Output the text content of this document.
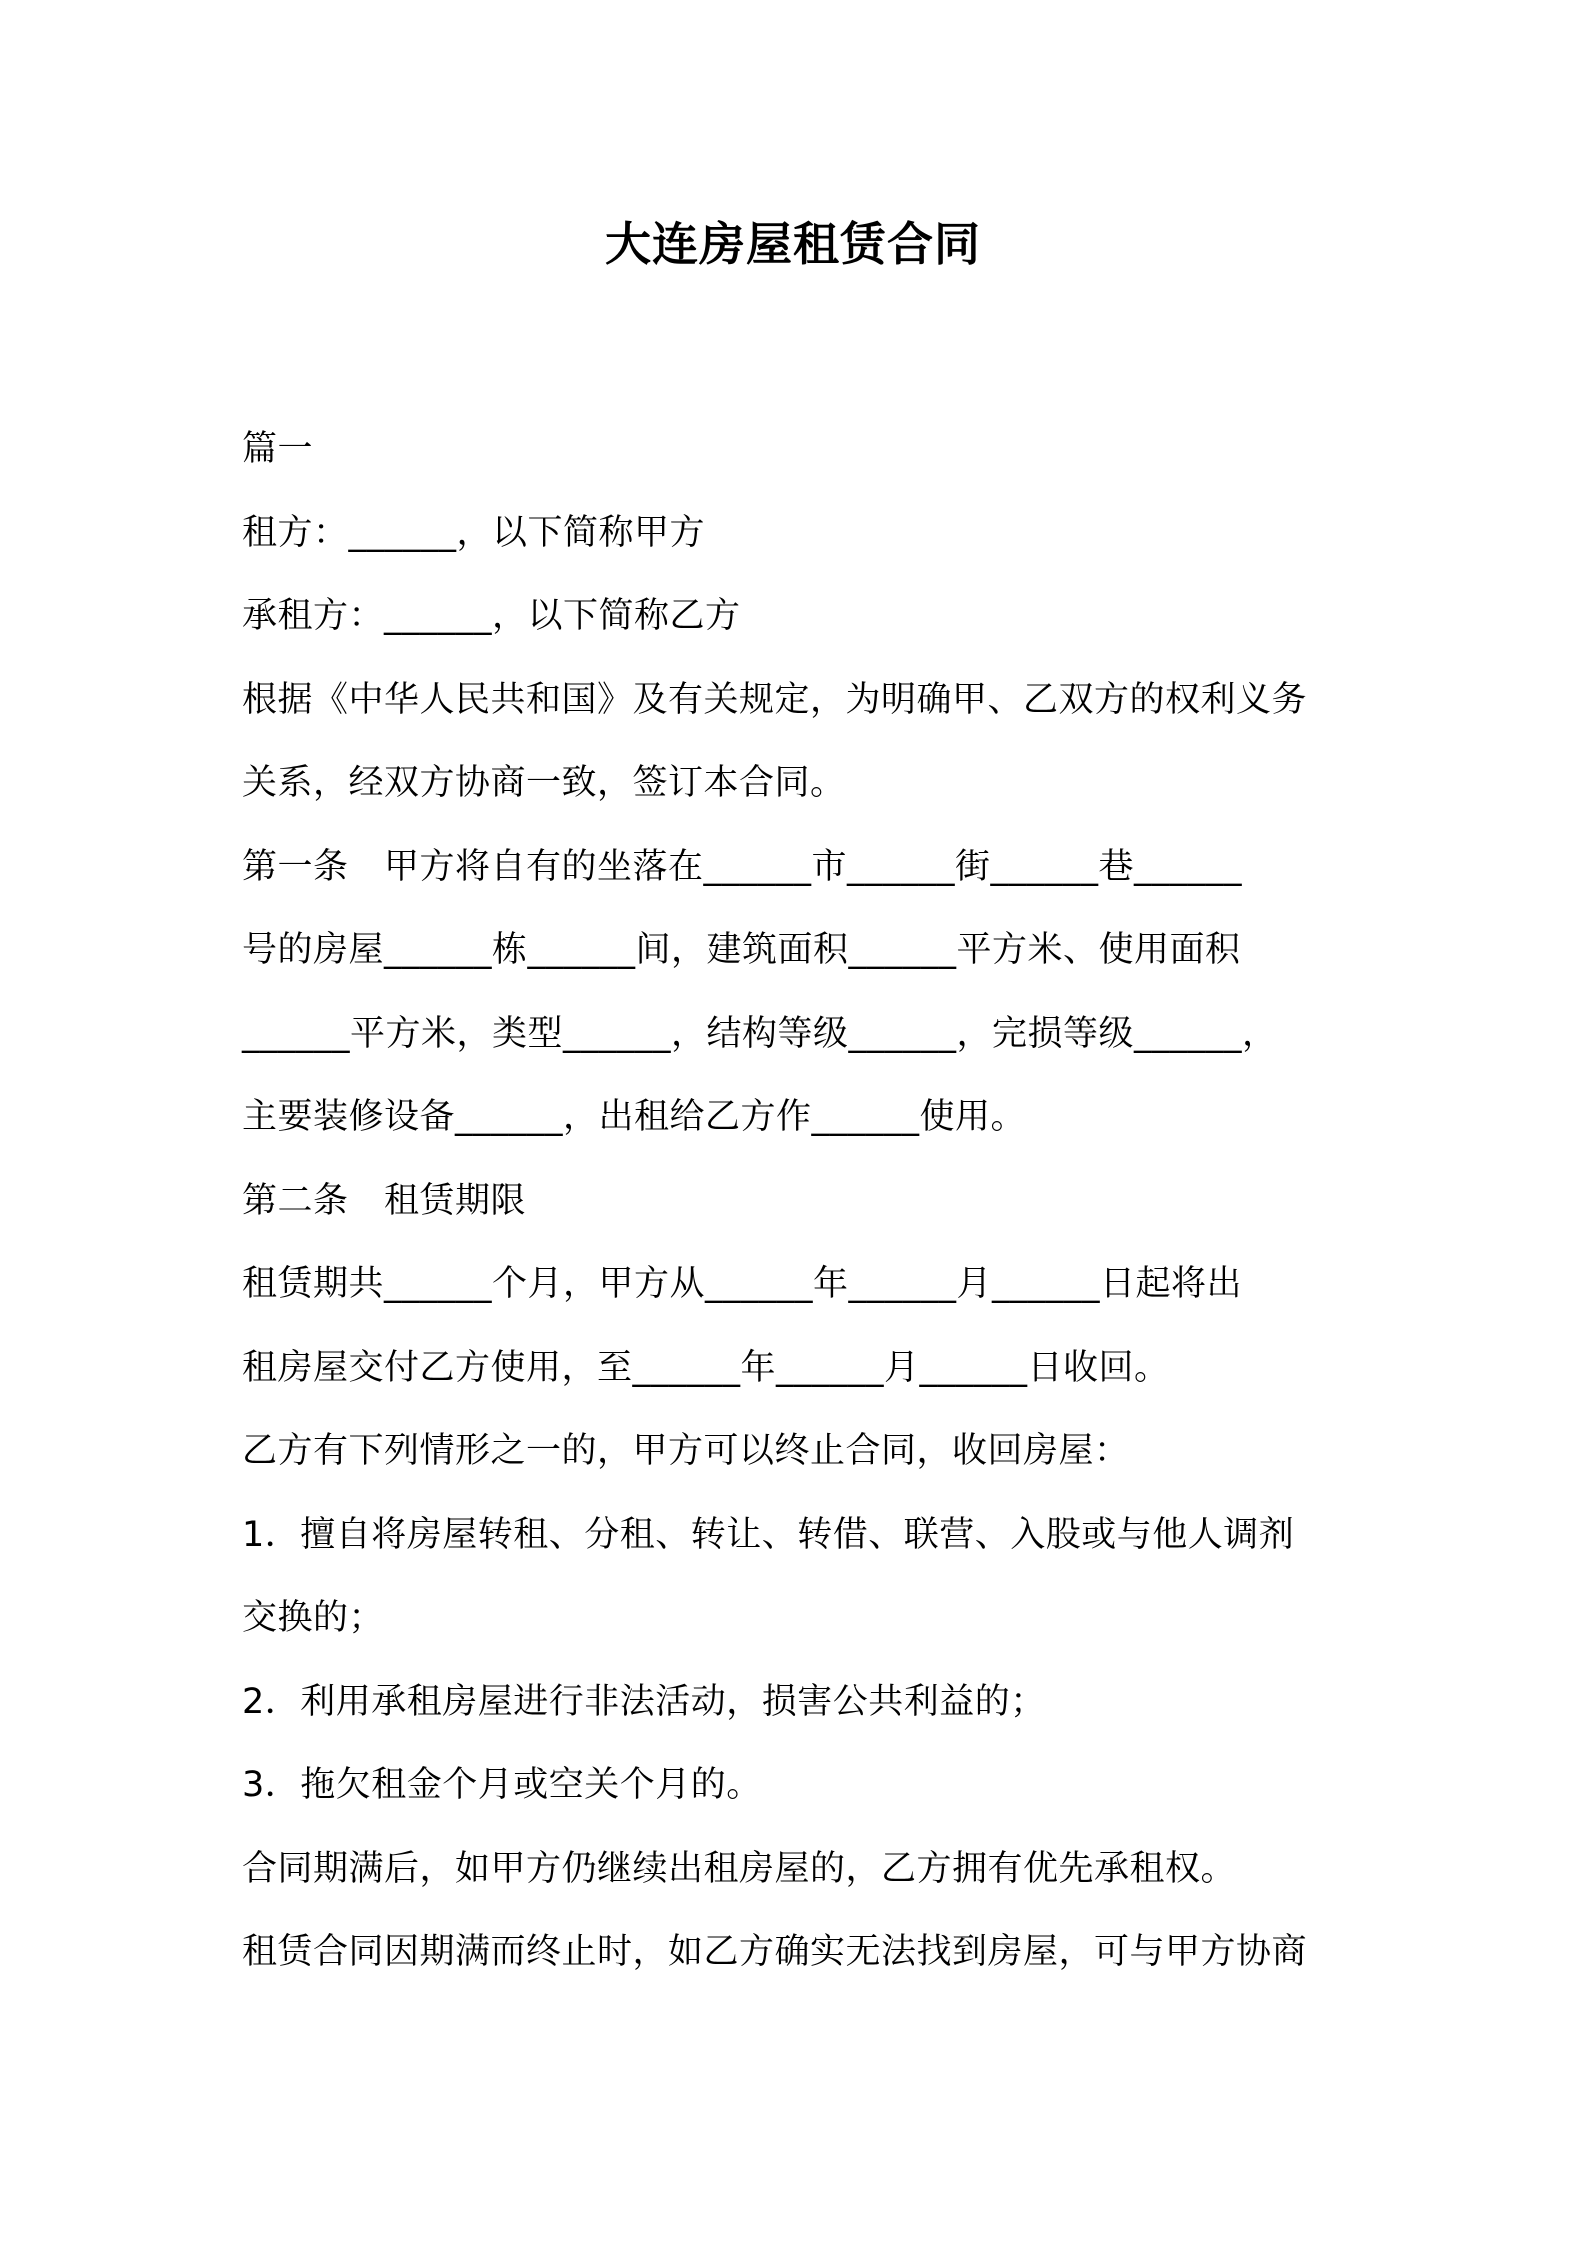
大连房屋租赁合同
篇一
租方：______，以下简称甲方
承租方：______，以下简称乙方
根据《中华人民共和国》及有关规定，为明确甲、乙双方的权利义务
关系，经双方协商一致，签订本合同。
第一条　甲方将自有的坐落在______市______街______巷______
号的房屋______栋______间，建筑面积______平方米、使用面积
______平方米，类型______，结构等级______，完损等级______，
主要装修设备______，出租给乙方作______使用。
第二条　租赁期限
租赁期共______个月，甲方从______年______月______日起将出
租房屋交付乙方使用，至______年______月______日收回。
乙方有下列情形之一的，甲方可以终止合同，收回房屋：
1．擅自将房屋转租、分租、转让、转借、联营、入股或与他人调剂
交换的；
2．利用承租房屋进行非法活动，损害公共利益的；
3．拖欠租金个月或空关个月的。
合同期满后，如甲方仍继续出租房屋的，乙方拥有优先承租权。
租赁合同因期满而终止时，如乙方确实无法找到房屋，可与甲方协商
